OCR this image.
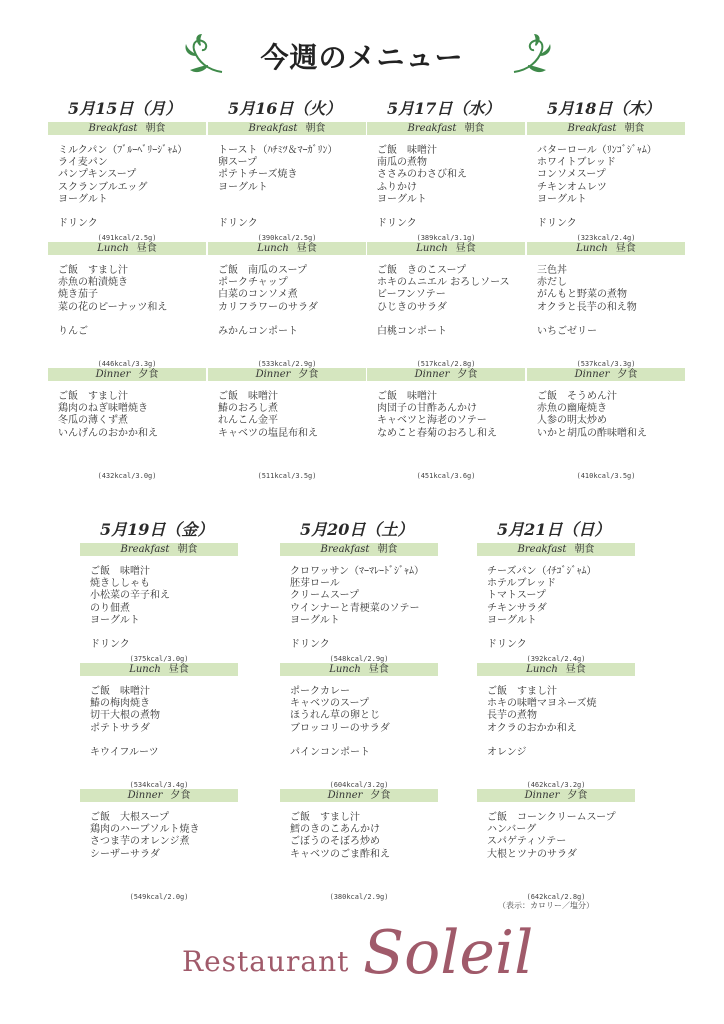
今週のメニュー
5月15日（月）
Breakfast 朝食
ミルクパン（ﾌﾞﾙｰﾍﾞﾘｰｼﾞｬﾑ）
ライ麦パン
パンプキンスープ
スクランブルエッグ
ヨーグルト
ドリンク
(491kcal/2.5g)
Lunch 昼食
ご飯　すまし汁
赤魚の粕漬焼き
焼き茄子
菜の花のピーナッツ和え
りんご
(446kcal/3.3g)
Dinner 夕食
ご飯　すまし汁
鶏肉のねぎ味噌焼き
冬瓜の薄くず煮
いんげんのおかか和え
(432kcal/3.0g)
5月16日（火）
Breakfast 朝食
トースト（ﾊﾁﾐﾂ＆ﾏｰｶﾞﾘﾝ）
卵スープ
ポテトチーズ焼き
ヨーグルト
ドリンク
(390kcal/2.5g)
Lunch 昼食
ご飯　南瓜のスープ
ポークチャップ
白菜のコンソメ煮
カリフラワーのサラダ
みかんコンポート
(533kcal/2.9g)
Dinner 夕食
ご飯　味噌汁
鰆のおろし煮
れんこん金平
キャベツの塩昆布和え
(511kcal/3.5g)
5月17日（水）
Breakfast 朝食
ご飯　味噌汁
南瓜の煮物
ささみのわさび和え
ふりかけ
ヨーグルト
ドリンク
(389kcal/3.1g)
Lunch 昼食
ご飯　きのこスープ
ホキのムニエル おろしソース
ビーフンソテー
ひじきのサラダ
白桃コンポート
(517kcal/2.8g)
Dinner 夕食
ご飯　味噌汁
肉団子の甘酢あんかけ
キャベツと海老のソテー
なめこと春菊のおろし和え
(451kcal/3.6g)
5月18日（木）
Breakfast 朝食
バターロール（ﾘﾝｺﾞｼﾞｬﾑ）
ホワイトブレッド
コンソメスープ
チキンオムレツ
ヨーグルト
ドリンク
(323kcal/2.4g)
Lunch 昼食
三色丼
赤だし
がんもと野菜の煮物
オクラと長芋の和え物
いちごゼリー
(537kcal/3.3g)
Dinner 夕食
ご飯　そうめん汁
赤魚の幽庵焼き
人参の明太炒め
いかと胡瓜の酢味噌和え
(410kcal/3.5g)
5月19日（金）
Breakfast 朝食
ご飯　味噌汁
焼きししゃも
小松菜の辛子和え
のり佃煮
ヨーグルト
ドリンク
(375kcal/3.0g)
Lunch 昼食
ご飯　味噌汁
鰆の梅肉焼き
切干大根の煮物
ポテトサラダ
キウイフルーツ
(534kcal/3.4g)
Dinner 夕食
ご飯　大根スープ
鶏肉のハーブソルト焼き
さつま芋のオレンジ煮
シーザーサラダ
(549kcal/2.0g)
5月20日（土）
Breakfast 朝食
クロワッサン（ﾏｰﾏﾚｰﾄﾞｼﾞｬﾑ）
胚芽ロール
クリームスープ
ウインナーと青梗菜のソテー
ヨーグルト
ドリンク
(548kcal/2.9g)
Lunch 昼食
ポークカレー
キャベツのスープ
ほうれん草の卵とじ
ブロッコリーのサラダ
パインコンポート
(604kcal/3.2g)
Dinner 夕食
ご飯　すまし汁
鱈のきのこあんかけ
ごぼうのそぼろ炒め
キャベツのごま酢和え
(380kcal/2.9g)
5月21日（日）
Breakfast 朝食
チーズパン（ｲﾁｺﾞｼﾞｬﾑ）
ホテルブレッド
トマトスープ
チキンサラダ
ヨーグルト
ドリンク
(392kcal/2.4g)
Lunch 昼食
ご飯　すまし汁
ホキの味噌マヨネーズ焼
長芋の煮物
オクラのおかか和え
オレンジ
(462kcal/3.2g)
Dinner 夕食
ご飯　コーンクリームスープ
ハンバーグ
スパゲティソテー
大根とツナのサラダ
(642kcal/2.8g)
（表示：カロリー／塩分）
Restaurant Soleil
